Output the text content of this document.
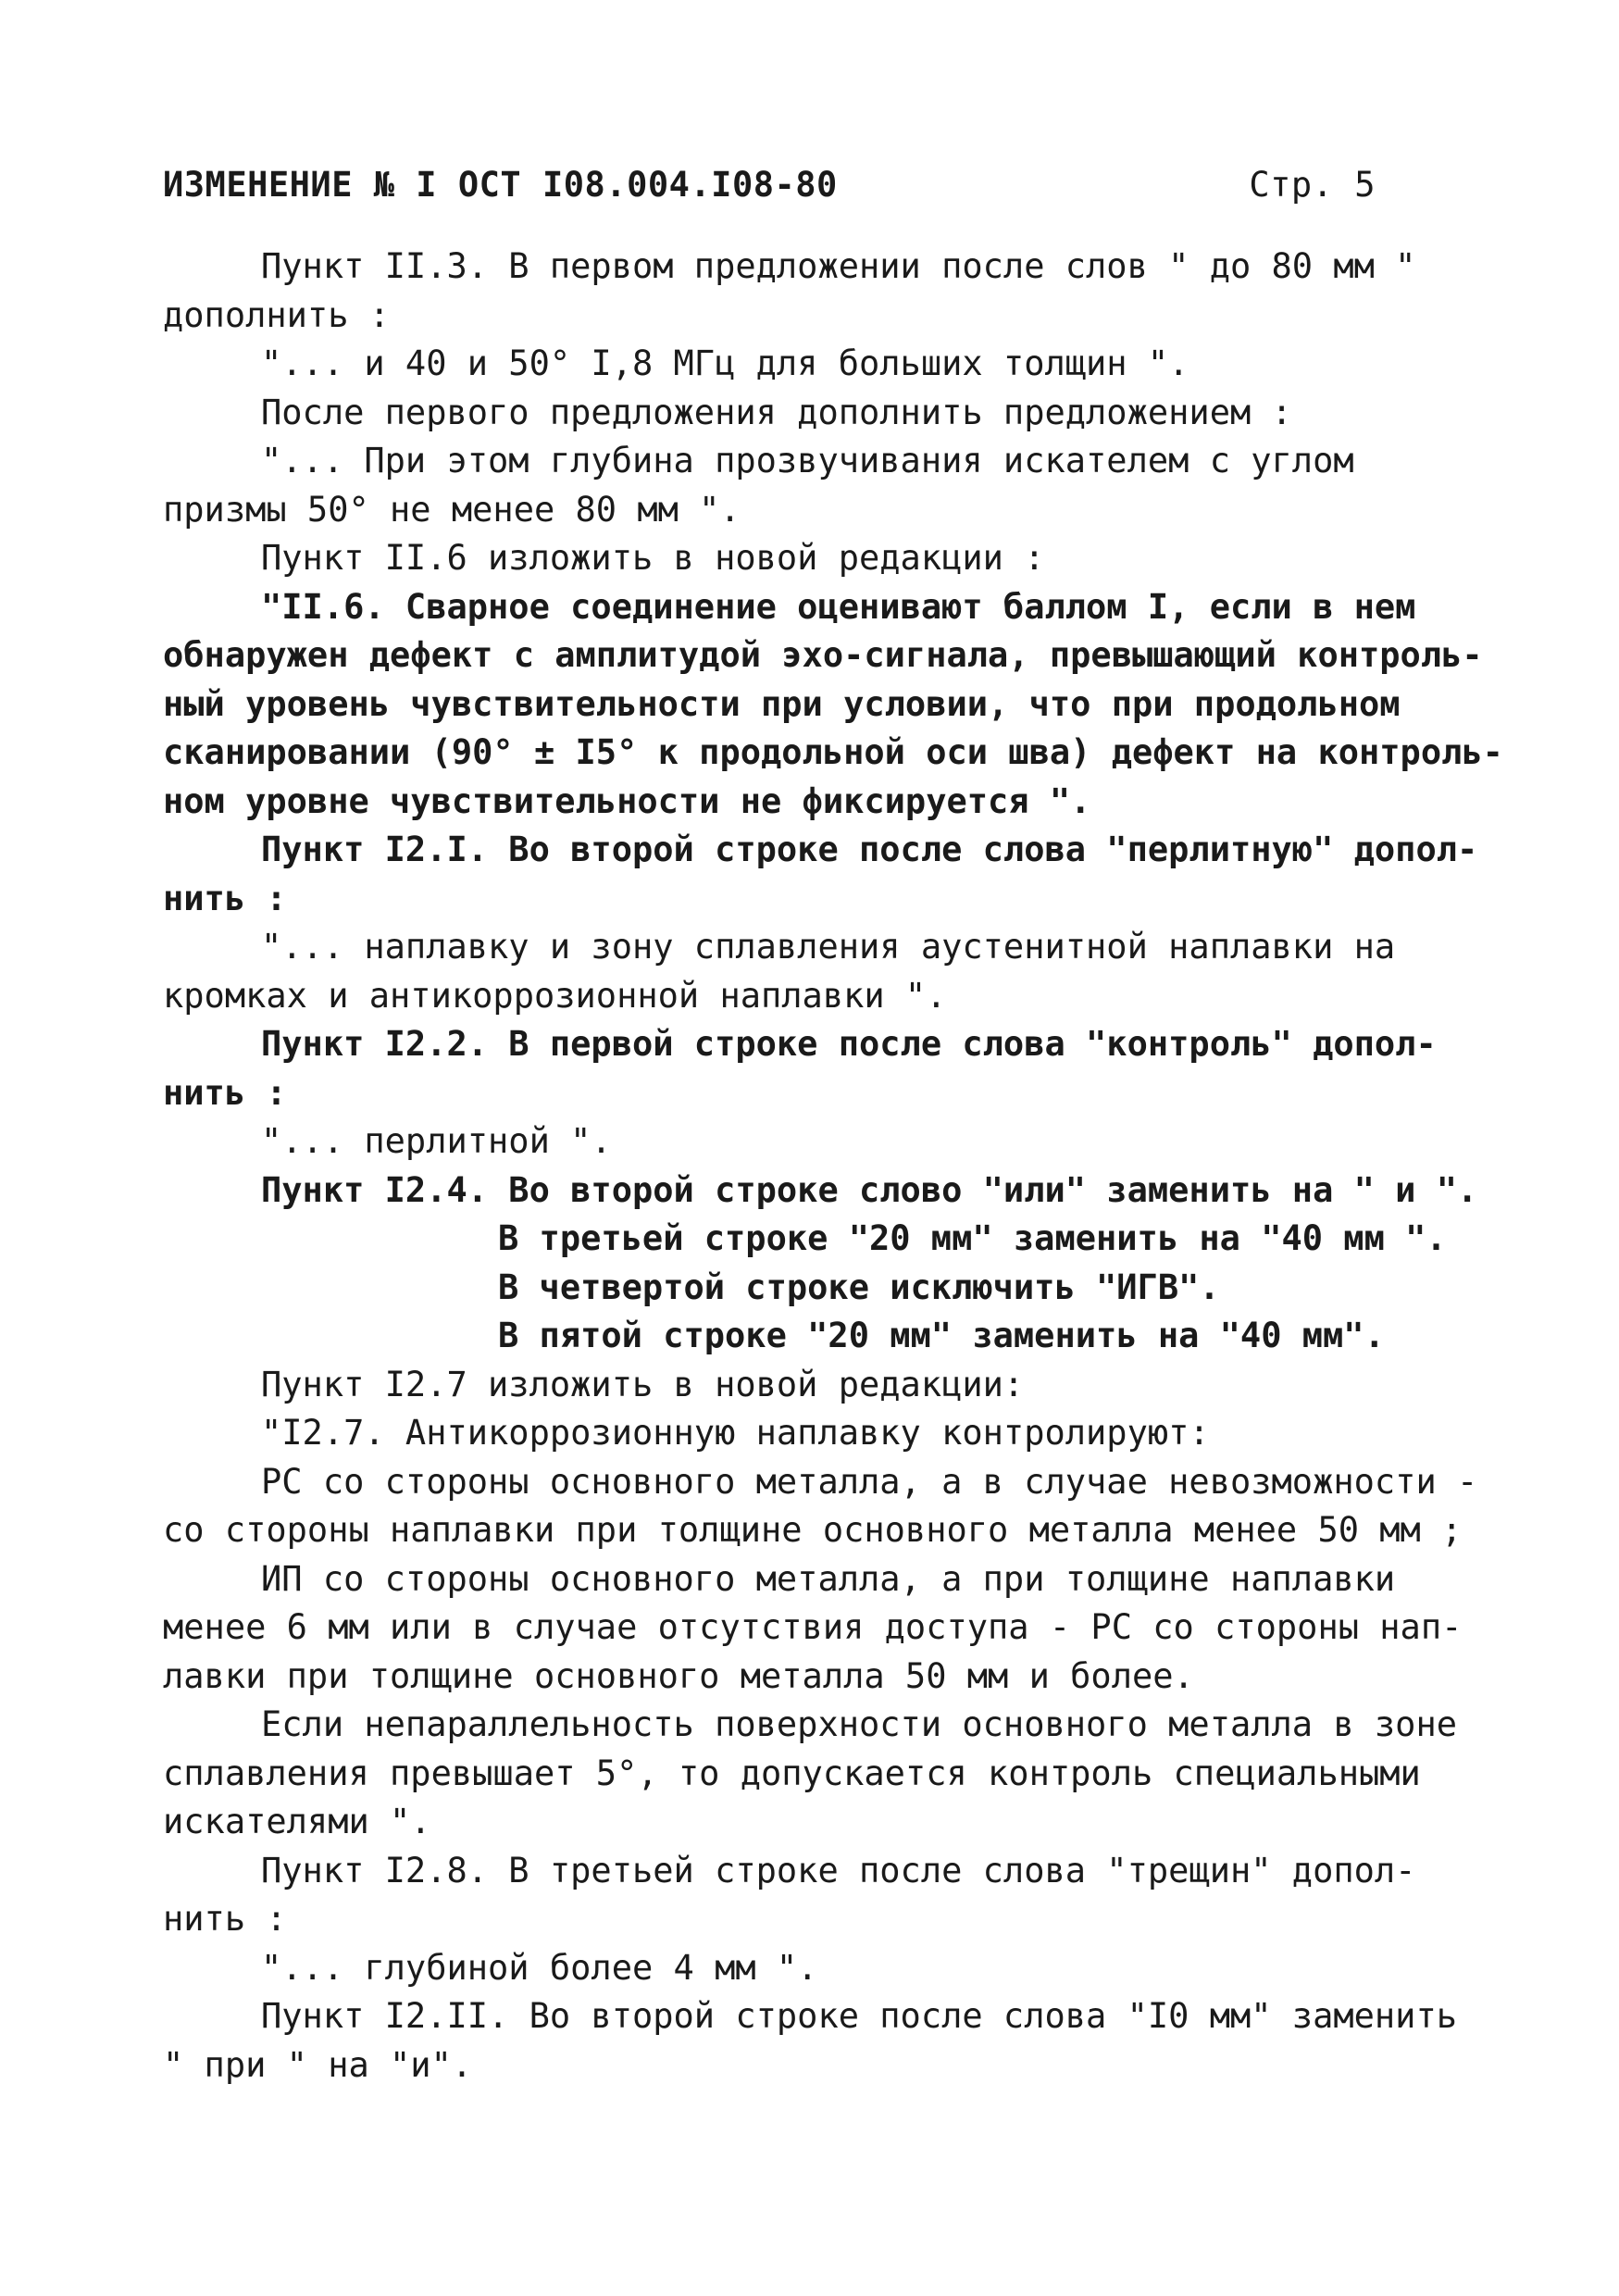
ИЗМЕНЕНИЕ № I ОСТ I08.004.I08-80	Стр. 5
Пункт II.3. В первом предложении после слов " до 80 мм "
дополнить :
"... и 40 и 50° I,8 МГц для больших толщин ".
После первого предложения дополнить предложением :
"... При этом глубина прозвучивания искателем с углом
призмы 50° не менее 80 мм ".
Пункт II.6 изложить в новой редакции :
"II.6. Сварное соединение оценивают баллом I, если в нем
обнаружен дефект с амплитудой эхо-сигнала, превышающий контроль-
ный уровень чувствительности при условии, что при продольном
сканировании (90° ± I5° к продольной оси шва) дефект на контроль-
ном уровне чувствительности не фиксируется ".
Пункт I2.I. Во второй строке после слова "перлитную" допол-
нить :
"... наплавку и зону сплавления аустенитной наплавки на
кромках и антикоррозионной наплавки ".
Пункт I2.2. В первой строке после слова "контроль" допол-
нить :
"... перлитной ".
Пункт I2.4. Во второй строке слово "или" заменить на " и ".
В третьей строке "20 мм" заменить на "40 мм ".
В четвертой строке исключить "ИГВ".
В пятой строке "20 мм" заменить на "40 мм".
Пункт I2.7 изложить в новой редакции:
"I2.7. Антикоррозионную наплавку контролируют:
РС со стороны основного металла, а в случае невозможности -
со стороны наплавки при толщине основного металла менее 50 мм ;
ИП со стороны основного металла, а при толщине наплавки
менее 6 мм или в случае отсутствия доступа - РС со стороны нап-
лавки при толщине основного металла 50 мм и более.
Если непараллельность поверхности основного металла в зоне
сплавления превышает 5°, то допускается контроль специальными
искателями ".
Пункт I2.8. В третьей строке после слова "трещин" допол-
нить :
"... глубиной более 4 мм ".
Пункт I2.II. Во второй строке после слова "I0 мм" заменить
" при " на "и".
